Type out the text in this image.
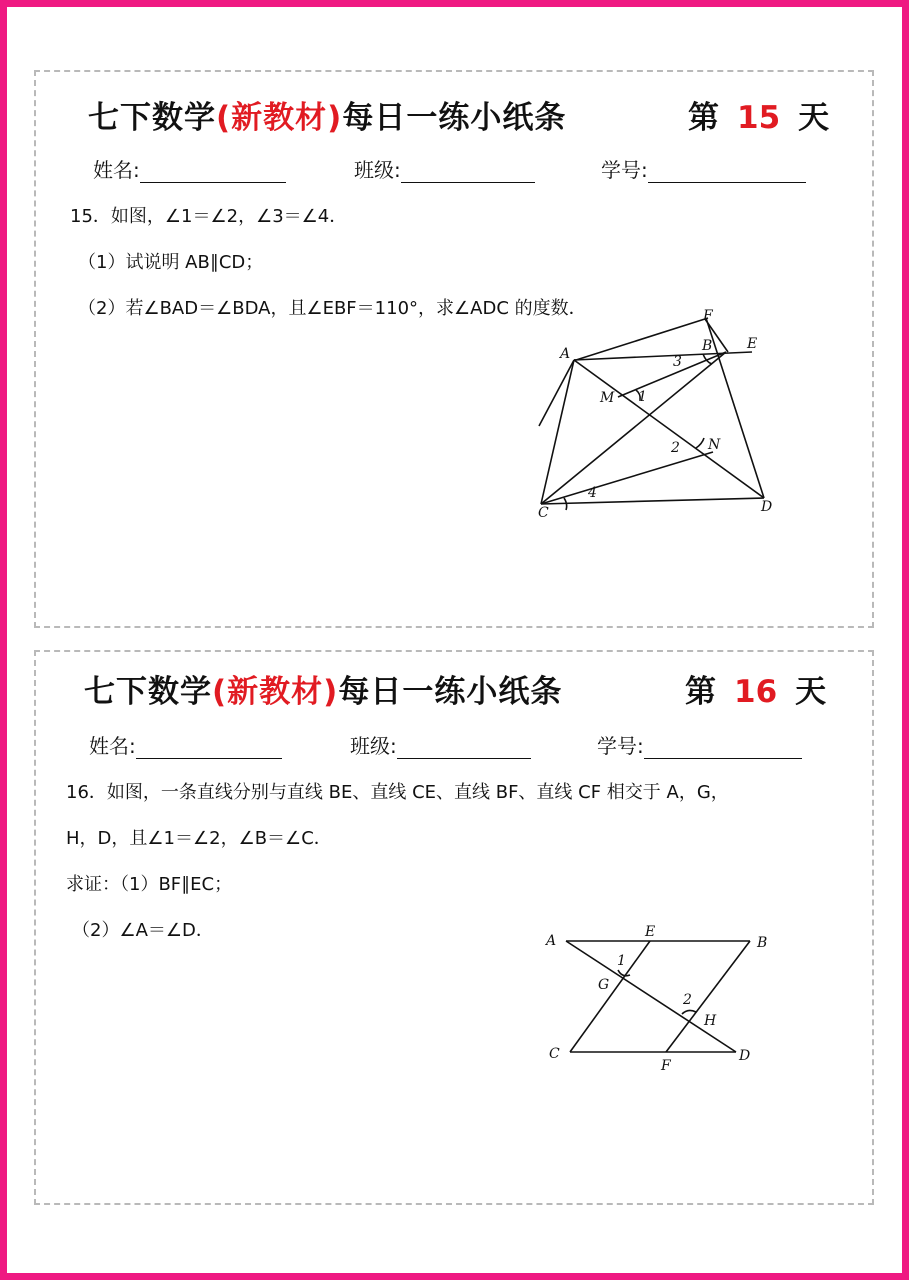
七下数学(新教材)每日一练小纸条	第 15 天
姓名:	班级:	学号:
15．如图，∠1＝∠2，∠3＝∠4．
（1）试说明 AB∥CD；
（2）若∠BAD＝∠BDA，且∠EBF＝110°，求∠ADC 的度数．	F
A	B E
M 1
N
2
3
4
C	D
七下数学(新教材)每日一练小纸条	第 16 天
姓名:	班级:	学号:
16．如图，一条直线分别与直线 BE、直线 CE、直线 BF、直线 CF 相交于 A，G，
H，D，且∠1＝∠2，∠B＝∠C．
求证：（1）BF∥EC；
（2）∠A＝∠D．	A
E
B
1
G
2
H
C
F
D
